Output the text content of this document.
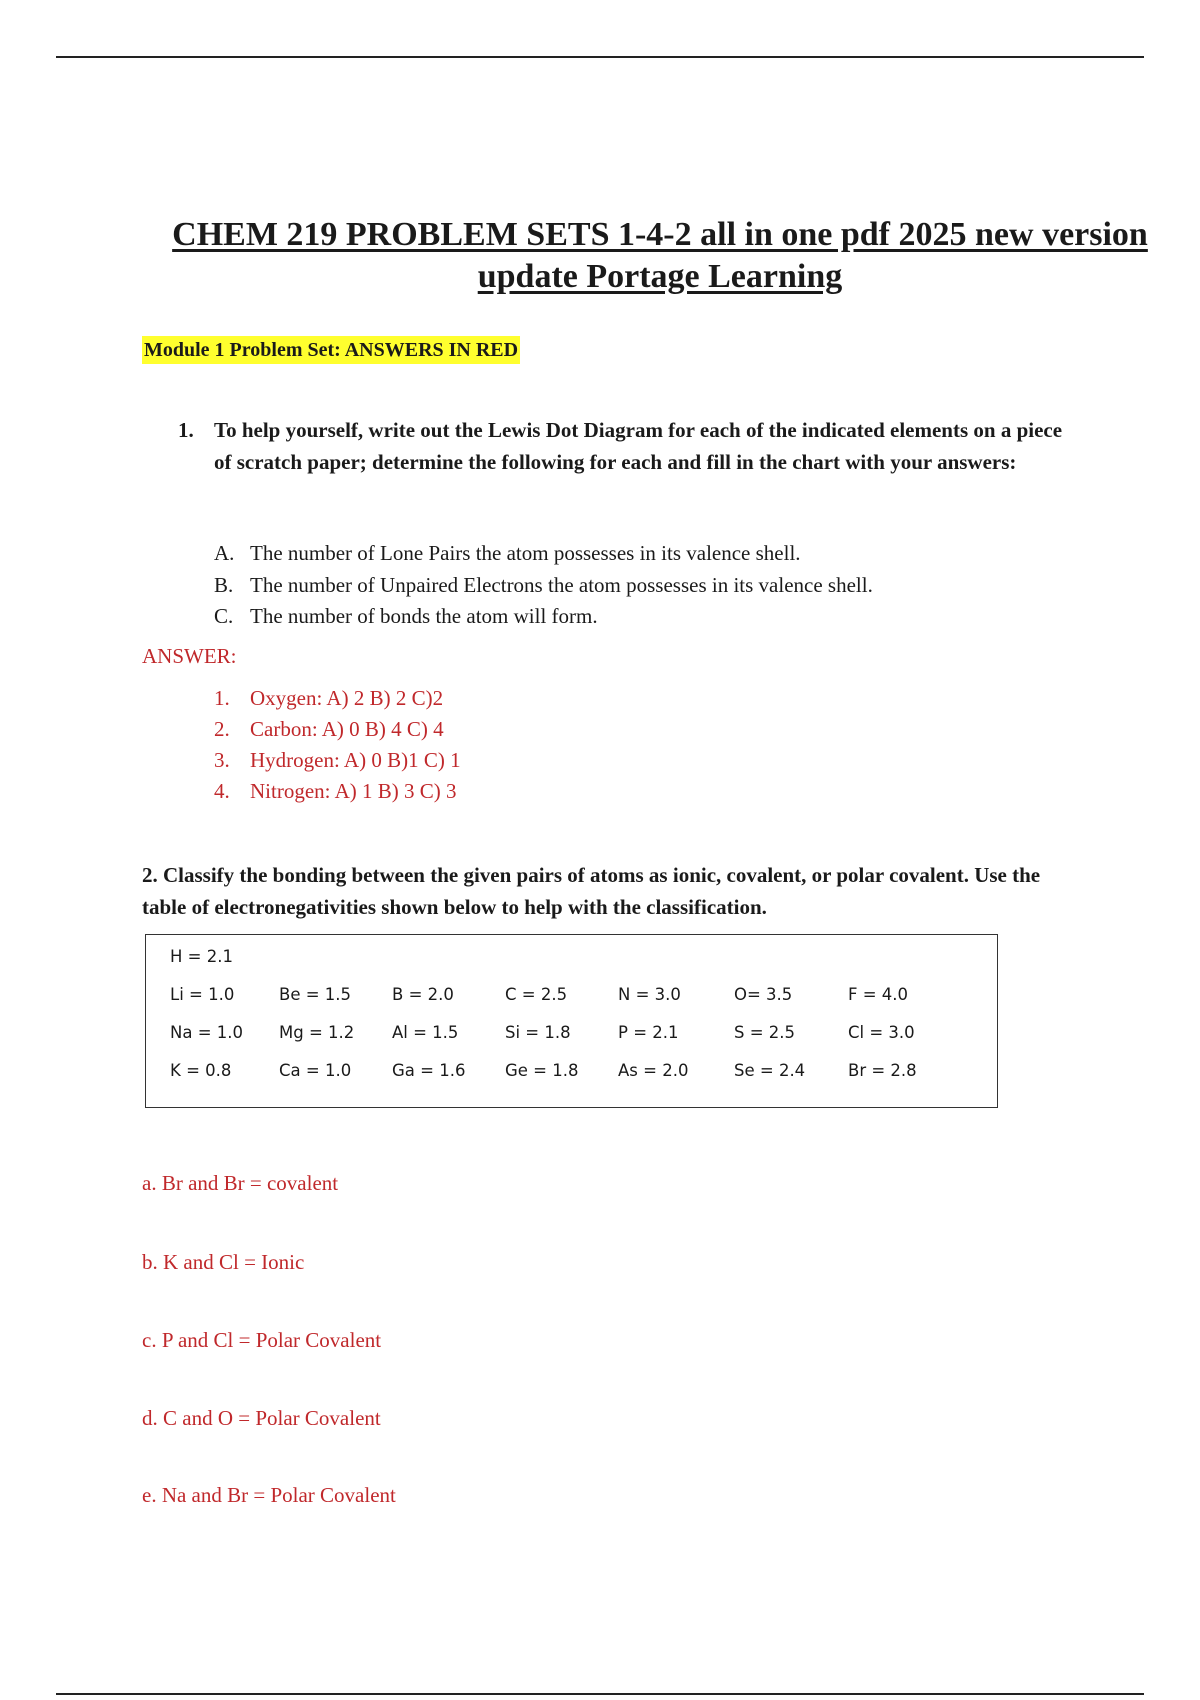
CHEM 219 PROBLEM SETS 1-4-2 all in one pdf 2025 new version
update Portage Learning
Module 1 Problem Set: ANSWERS IN RED
1. To help yourself, write out the Lewis Dot Diagram for each of the indicated elements on a piece of scratch paper; determine the following for each and fill in the chart with your answers:
A. The number of Lone Pairs the atom possesses in its valence shell.
B. The number of Unpaired Electrons the atom possesses in its valence shell.
C. The number of bonds the atom will form.
ANSWER:
1. Oxygen: A) 2 B) 2 C)2
2. Carbon: A) 0 B) 4 C) 4
3. Hydrogen: A) 0 B)1 C) 1
4. Nitrogen: A) 1 B) 3 C) 3
2. Classify the bonding between the given pairs of atoms as ionic, covalent, or polar covalent. Use the table of electronegativities shown below to help with the classification.
H = 2.1
Li = 1.0	Be = 1.5 B = 2.0	C = 2.5	N = 3.0	O= 3.5	F = 4.0
Na = 1.0 Mg = 1.2 Al = 1.5	Si = 1.8	P = 2.1	S = 2.5	Cl = 3.0
K = 0.8	Ca = 1.0 Ga = 1.6 Ge = 1.8 As = 2.0	Se = 2.4	Br = 2.8
a. Br and Br = covalent
b. K and Cl = Ionic
c. P and Cl = Polar Covalent
d. C and O = Polar Covalent
e. Na and Br = Polar Covalent
